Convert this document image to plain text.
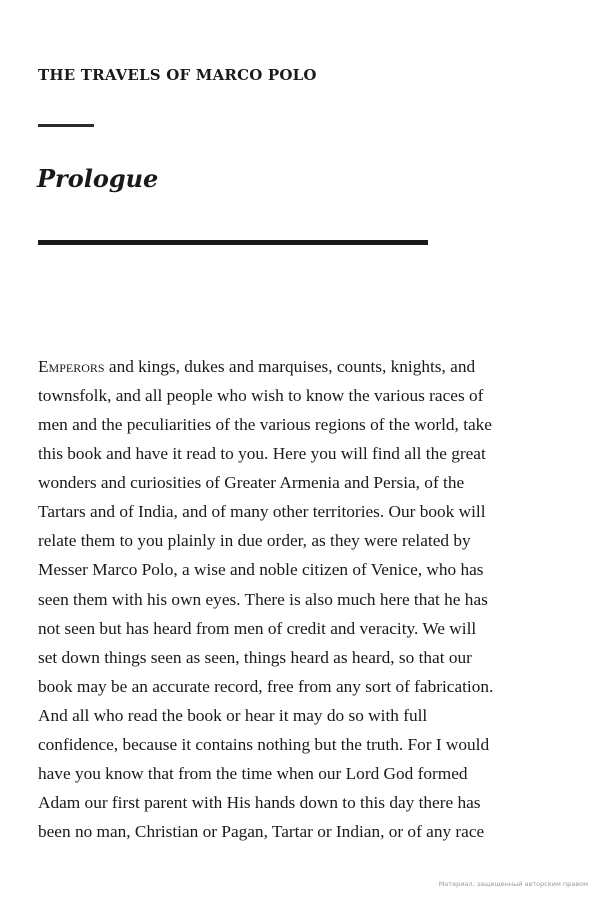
THE TRAVELS OF MARCO POLO
Prologue
Emperors and kings, dukes and marquises, counts, knights, and
townsfolk, and all people who wish to know the various races of
men and the peculiarities of the various regions of the world, take
this book and have it read to you. Here you will find all the great
wonders and curiosities of Greater Armenia and Persia, of the
Tartars and of India, and of many other territories. Our book will
relate them to you plainly in due order, as they were related by
Messer Marco Polo, a wise and noble citizen of Venice, who has
seen them with his own eyes. There is also much here that he has
not seen but has heard from men of credit and veracity. We will
set down things seen as seen, things heard as heard, so that our
book may be an accurate record, free from any sort of fabrication.
And all who read the book or hear it may do so with full
confidence, because it contains nothing but the truth. For I would
have you know that from the time when our Lord God formed
Adam our first parent with His hands down to this day there has
been no man, Christian or Pagan, Tartar or Indian, or of any race
Материал, защищенный авторским правом
